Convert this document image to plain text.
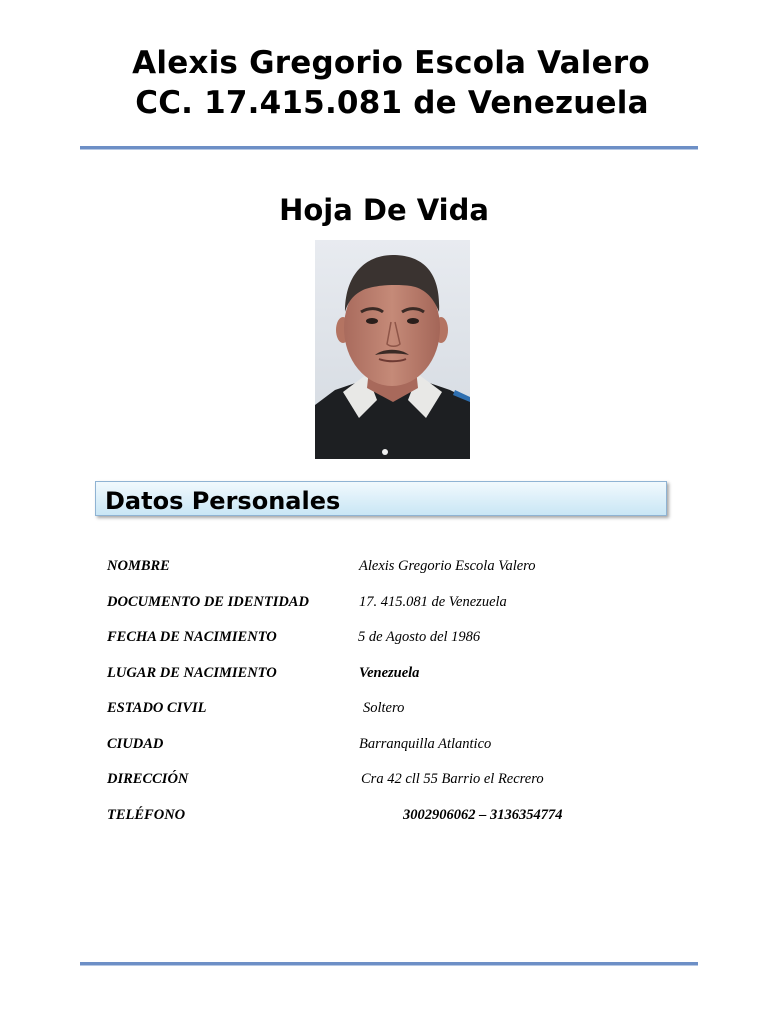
Alexis Gregorio Escola Valero
CC. 17.415.081 de Venezuela
Hoja De Vida
Datos Personales
NOMBRE	Alexis Gregorio Escola Valero
DOCUMENTO DE IDENTIDAD	17. 415.081 de Venezuela
FECHA DE NACIMIENTO	5 de Agosto del 1986
LUGAR DE NACIMIENTO	Venezuela
ESTADO CIVIL	Soltero
CIUDAD	Barranquilla Atlantico
DIRECCIÓN	Cra 42 cll 55 Barrio el Recrero
TELÉFONO	3002906062 – 3136354774
